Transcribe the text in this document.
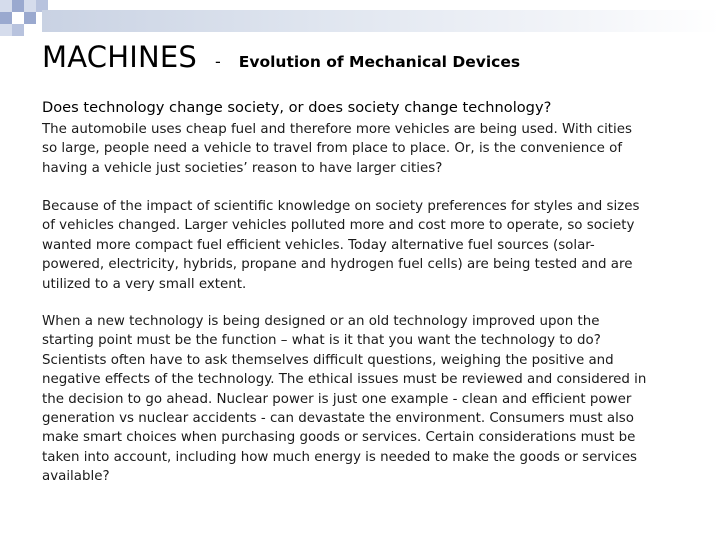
MACHINES - Evolution of Mechanical Devices
Does technology change society, or does society change technology?
The automobile uses cheap fuel and therefore more vehicles are being used. With cities
so large, people need a vehicle to travel from place to place. Or, is the convenience of
having a vehicle just societies’ reason to have larger cities?
Because of the impact of scientific knowledge on society preferences for styles and sizes
of vehicles changed. Larger vehicles polluted more and cost more to operate, so society
wanted more compact fuel efficient vehicles. Today alternative fuel sources (solar-
powered, electricity, hybrids, propane and hydrogen fuel cells) are being tested and are
utilized to a very small extent.
When a new technology is being designed or an old technology improved upon the
starting point must be the function – what is it that you want the technology to do?
Scientists often have to ask themselves difficult questions, weighing the positive and
negative effects of the technology. The ethical issues must be reviewed and considered in
the decision to go ahead. Nuclear power is just one example - clean and efficient power
generation vs nuclear accidents - can devastate the environment. Consumers must also
make smart choices when purchasing goods or services. Certain considerations must be
taken into account, including how much energy is needed to make the goods or services
available?
